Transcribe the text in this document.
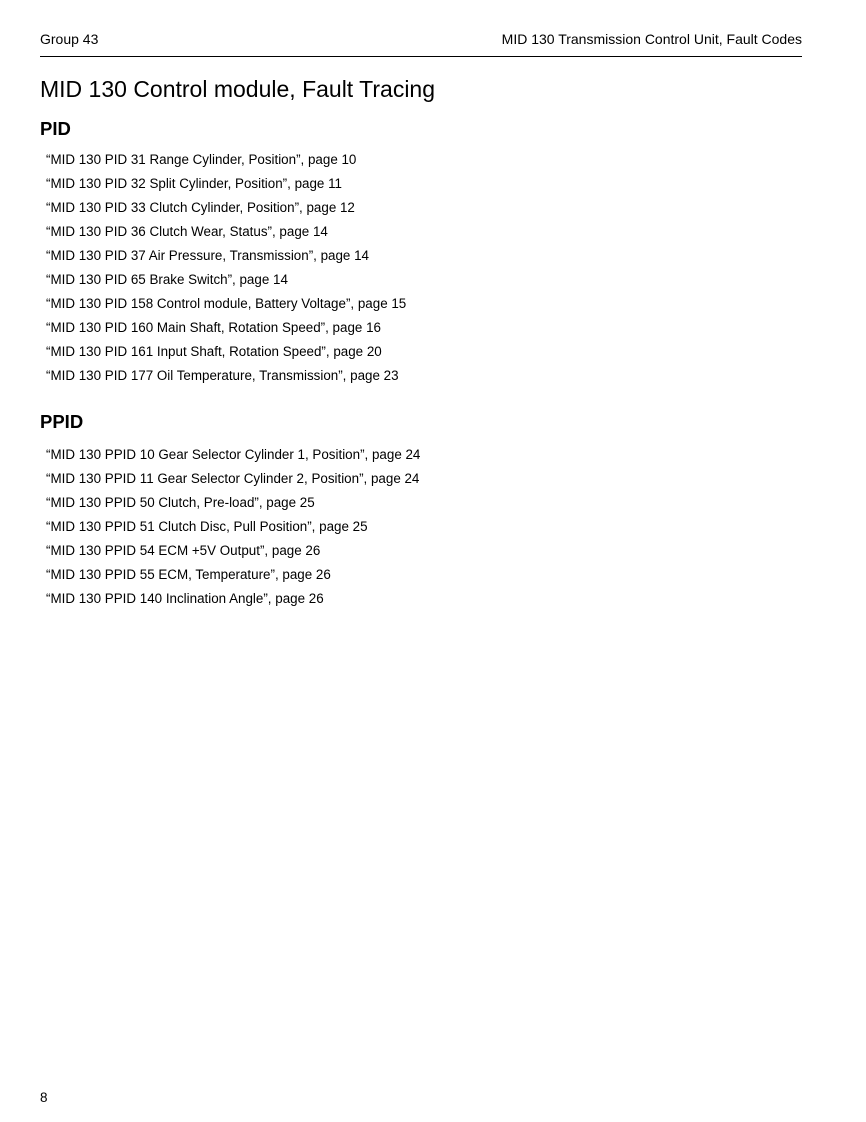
Group 43	MID 130 Transmission Control Unit, Fault Codes
MID 130 Control module, Fault Tracing
PID
“MID 130 PID 31 Range Cylinder, Position”, page 10
“MID 130 PID 32 Split Cylinder, Position”, page 11
“MID 130 PID 33 Clutch Cylinder, Position”, page 12
“MID 130 PID 36 Clutch Wear, Status”, page 14
“MID 130 PID 37 Air Pressure, Transmission”, page 14
“MID 130 PID 65 Brake Switch”, page 14
“MID 130 PID 158 Control module, Battery Voltage”, page 15
“MID 130 PID 160 Main Shaft, Rotation Speed”, page 16
“MID 130 PID 161 Input Shaft, Rotation Speed”, page 20
“MID 130 PID 177 Oil Temperature, Transmission”, page 23
PPID
“MID 130 PPID 10 Gear Selector Cylinder 1, Position”, page 24
“MID 130 PPID 11 Gear Selector Cylinder 2, Position”, page 24
“MID 130 PPID 50 Clutch, Pre-load”, page 25
“MID 130 PPID 51 Clutch Disc, Pull Position”, page 25
“MID 130 PPID 54 ECM +5V Output”, page 26
“MID 130 PPID 55 ECM, Temperature”, page 26
“MID 130 PPID 140 Inclination Angle”, page 26
8
